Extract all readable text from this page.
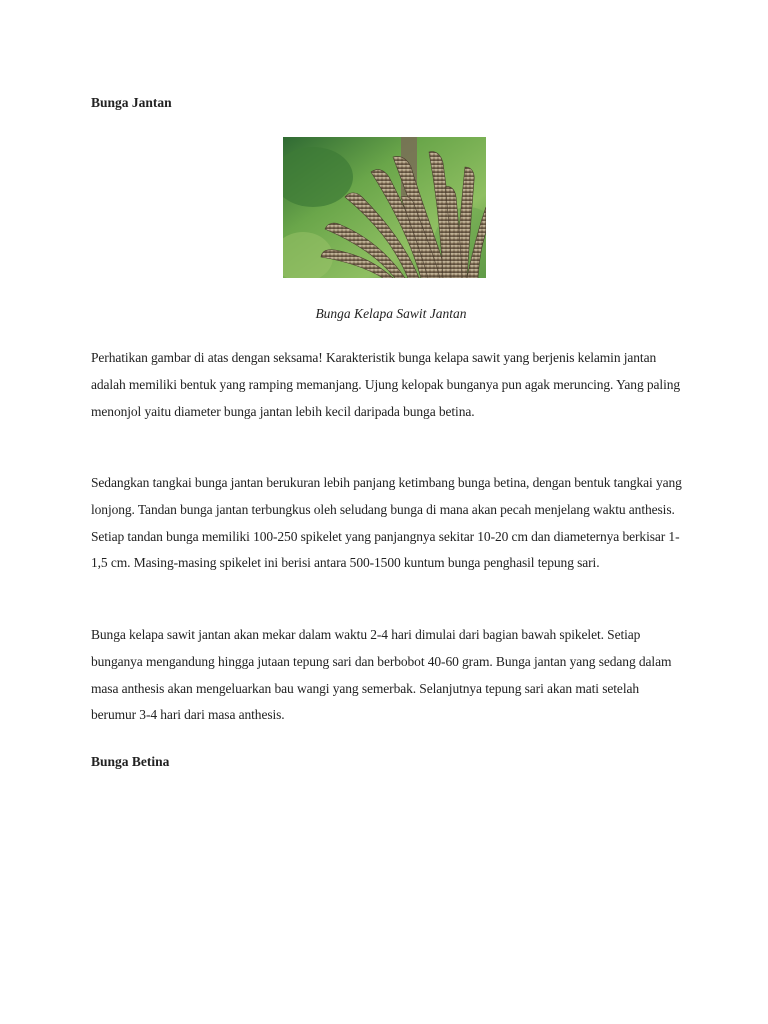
Bunga Jantan
Bunga Kelapa Sawit Jantan

Perhatikan gambar di atas dengan seksama! Karakteristik bunga kelapa sawit yang berjenis kelamin jantan adalah memiliki bentuk yang ramping memanjang. Ujung kelopak bunganya pun agak meruncing. Yang paling menonjol yaitu diameter bunga jantan lebih kecil daripada bunga betina.

Sedangkan tangkai bunga jantan berukuran lebih panjang ketimbang bunga betina, dengan bentuk tangkai yang lonjong. Tandan bunga jantan terbungkus oleh seludang bunga di mana akan pecah menjelang waktu anthesis. Setiap tandan bunga memiliki 100-250 spikelet yang panjangnya sekitar 10-20 cm dan diameternya berkisar 1-1,5 cm. Masing-masing spikelet ini berisi antara 500-1500 kuntum bunga penghasil tepung sari.

Bunga kelapa sawit jantan akan mekar dalam waktu 2-4 hari dimulai dari bagian bawah spikelet. Setiap bunganya mengandung hingga jutaan tepung sari dan berbobot 40-60 gram. Bunga jantan yang sedang dalam masa anthesis akan mengeluarkan bau wangi yang semerbak. Selanjutnya tepung sari akan mati setelah berumur 3-4 hari dari masa anthesis.

Bunga Betina
